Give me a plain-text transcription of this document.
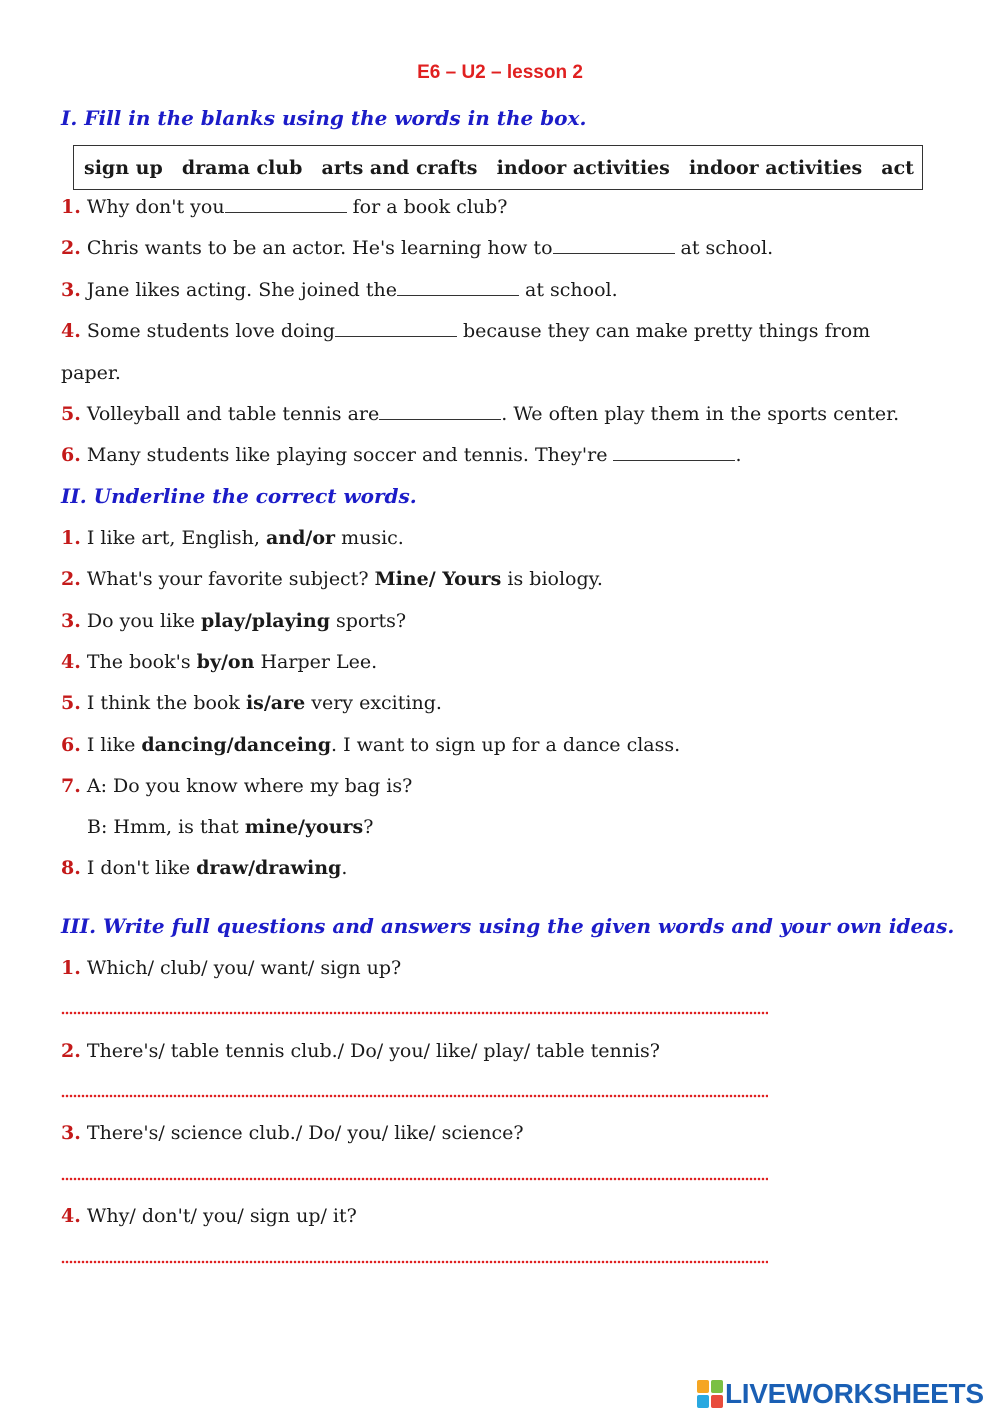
E6 – U2 – lesson 2
I. Fill in the blanks using the words in the box.
sign up drama club arts and crafts indoor activities indoor activities act
1. Why don't you	for a book club?
2. Chris wants to be an actor. He's learning how to	at school.
3. Jane likes acting. She joined the	at school.
4. Some students love doing	because they can make pretty things from
paper.
5. Volleyball and table tennis are	. We often play them in the sports center.
6. Many students like playing soccer and tennis. They're	.
II. Underline the correct words.
1. I like art, English, and/or music.
2. What's your favorite subject? Mine/ Yours is biology.
3. Do you like play/playing sports?
4. The book's by/on Harper Lee.
5. I think the book is/are very exciting.
6. I like dancing/danceing. I want to sign up for a dance class.
7. A: Do you know where my bag is?
B: Hmm, is that mine/yours?
8. I don't like draw/drawing.
III. Write full questions and answers using the given words and your own ideas.
1. Which/ club/ you/ want/ sign up?
2. There's/ table tennis club./ Do/ you/ like/ play/ table tennis?
3. There's/ science club./ Do/ you/ like/ science?
4. Why/ don't/ you/ sign up/ it?
LIVEWORKSHEETS
